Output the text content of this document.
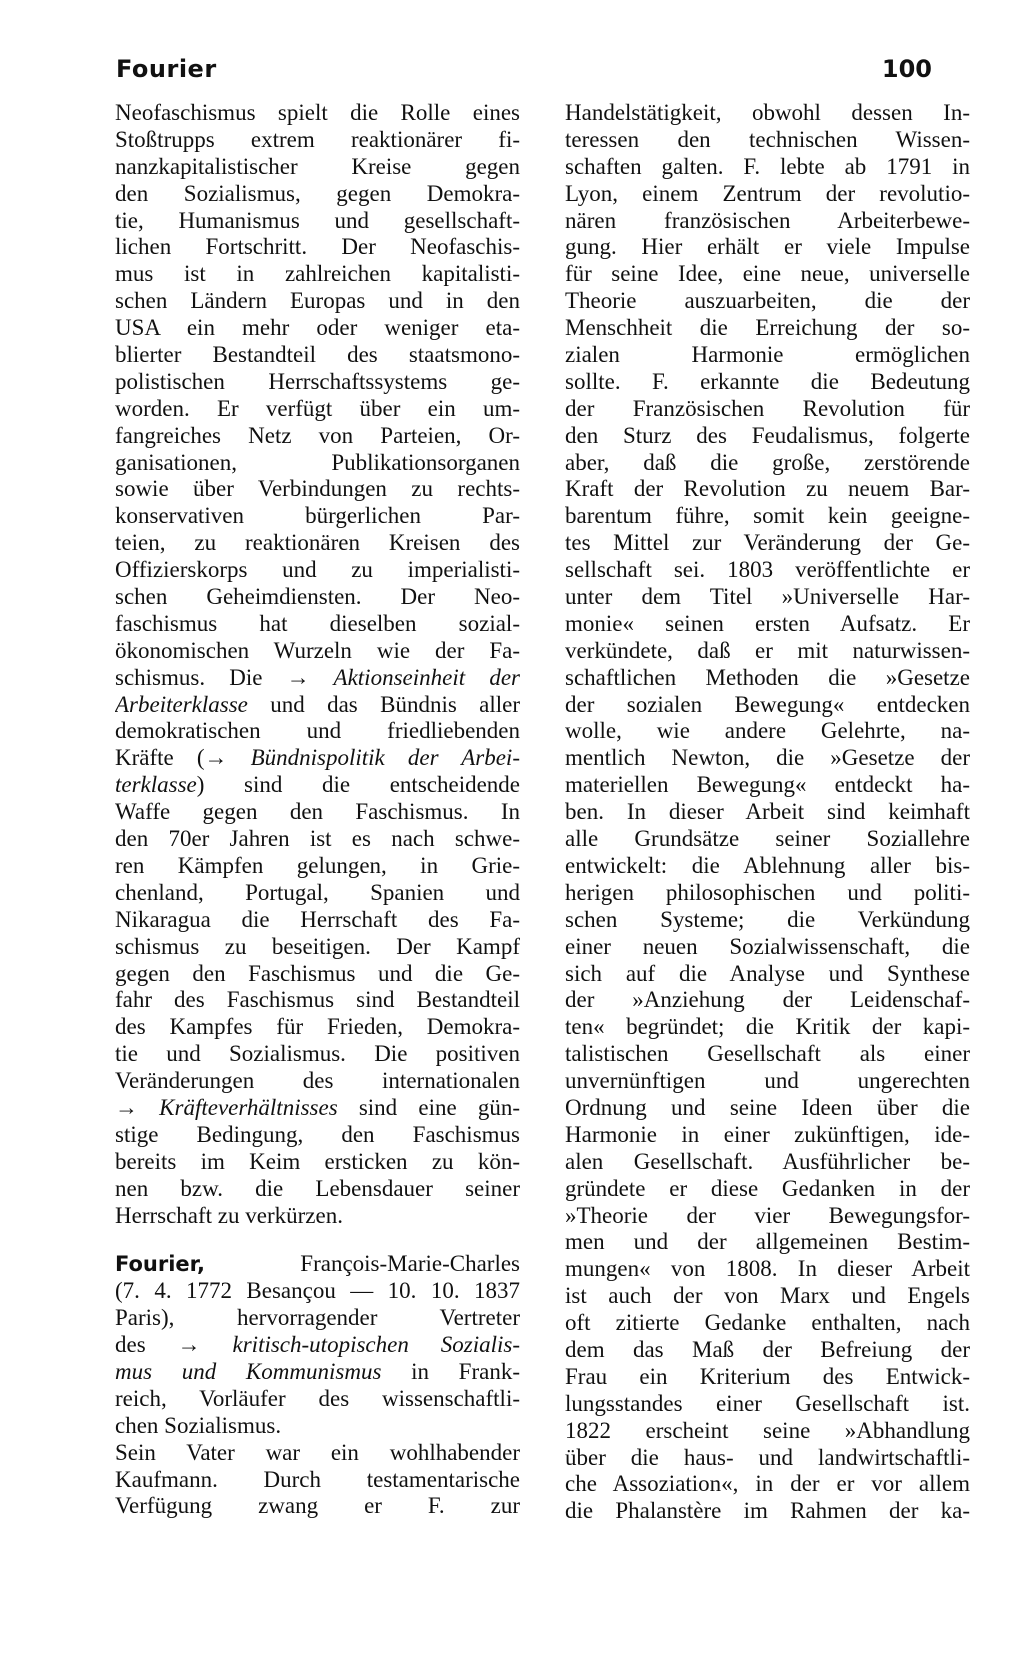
Fourier	100
Neofaschismus spielt die Rolle eines
Stoßtrupps extrem reaktionärer fi-
nanzkapitalistischer Kreise gegen
den Sozialismus, gegen Demokra-
tie, Humanismus und gesellschaft-
lichen Fortschritt. Der Neofaschis-
mus ist in zahlreichen kapitalisti-
schen Ländern Europas und in den
USA ein mehr oder weniger eta-
blierter Bestandteil des staatsmono-
polistischen Herrschaftssystems ge-
worden. Er verfügt über ein um-
fangreiches Netz von Parteien, Or-
ganisationen, Publikationsorganen
sowie über Verbindungen zu rechts-
konservativen bürgerlichen Par-
teien, zu reaktionären Kreisen des
Offizierskorps und zu imperialisti-
schen Geheimdiensten. Der Neo-
faschismus hat dieselben sozial-
ökonomischen Wurzeln wie der Fa-
schismus. Die → Aktionseinheit der
Arbeiterklasse und das Bündnis aller
demokratischen und friedliebenden
Kräfte (→ Bündnispolitik der Arbei-
terklasse) sind die entscheidende
Waffe gegen den Faschismus. In
den 70er Jahren ist es nach schwe-
ren Kämpfen gelungen, in Grie-
chenland, Portugal, Spanien und
Nikaragua die Herrschaft des Fa-
schismus zu beseitigen. Der Kampf
gegen den Faschismus und die Ge-
fahr des Faschismus sind Bestandteil
des Kampfes für Frieden, Demokra-
tie und Sozialismus. Die positiven
Veränderungen des internationalen
→ Kräfteverhältnisses sind eine gün-
stige Bedingung, den Faschismus
bereits im Keim ersticken zu kön-
nen bzw. die Lebensdauer seiner
Herrschaft zu verkürzen.
Fourier, François-Marie-Charles
(7. 4. 1772 Besançou — 10. 10. 1837
Paris), hervorragender Vertreter
des → kritisch-utopischen Sozialis-
mus und Kommunismus in Frank-
reich, Vorläufer des wissenschaftli-
chen Sozialismus.
Sein Vater war ein wohlhabender
Kaufmann. Durch testamentarische
Verfügung zwang er F. zur
Handelstätigkeit, obwohl dessen In-
teressen den technischen Wissen-
schaften galten. F. lebte ab 1791 in
Lyon, einem Zentrum der revolutio-
nären französischen Arbeiterbewe-
gung. Hier erhält er viele Impulse
für seine Idee, eine neue, universelle
Theorie auszuarbeiten, die der
Menschheit die Erreichung der so-
zialen Harmonie ermöglichen
sollte. F. erkannte die Bedeutung
der Französischen Revolution für
den Sturz des Feudalismus, folgerte
aber, daß die große, zerstörende
Kraft der Revolution zu neuem Bar-
barentum führe, somit kein geeigne-
tes Mittel zur Veränderung der Ge-
sellschaft sei. 1803 veröffentlichte er
unter dem Titel »Universelle Har-
monie« seinen ersten Aufsatz. Er
verkündete, daß er mit naturwissen-
schaftlichen Methoden die »Gesetze
der sozialen Bewegung« entdecken
wolle, wie andere Gelehrte, na-
mentlich Newton, die »Gesetze der
materiellen Bewegung« entdeckt ha-
ben. In dieser Arbeit sind keimhaft
alle Grundsätze seiner Soziallehre
entwickelt: die Ablehnung aller bis-
herigen philosophischen und politi-
schen Systeme; die Verkündung
einer neuen Sozialwissenschaft, die
sich auf die Analyse und Synthese
der »Anziehung der Leidenschaf-
ten« begründet; die Kritik der kapi-
talistischen Gesellschaft als einer
unvernünftigen und ungerechten
Ordnung und seine Ideen über die
Harmonie in einer zukünftigen, ide-
alen Gesellschaft. Ausführlicher be-
gründete er diese Gedanken in der
»Theorie der vier Bewegungsfor-
men und der allgemeinen Bestim-
mungen« von 1808. In dieser Arbeit
ist auch der von Marx und Engels
oft zitierte Gedanke enthalten, nach
dem das Maß der Befreiung der
Frau ein Kriterium des Entwick-
lungsstandes einer Gesellschaft ist.
1822 erscheint seine »Abhandlung
über die haus- und landwirtschaftli-
che Assoziation«, in der er vor allem
die Phalanstère im Rahmen der ka-
